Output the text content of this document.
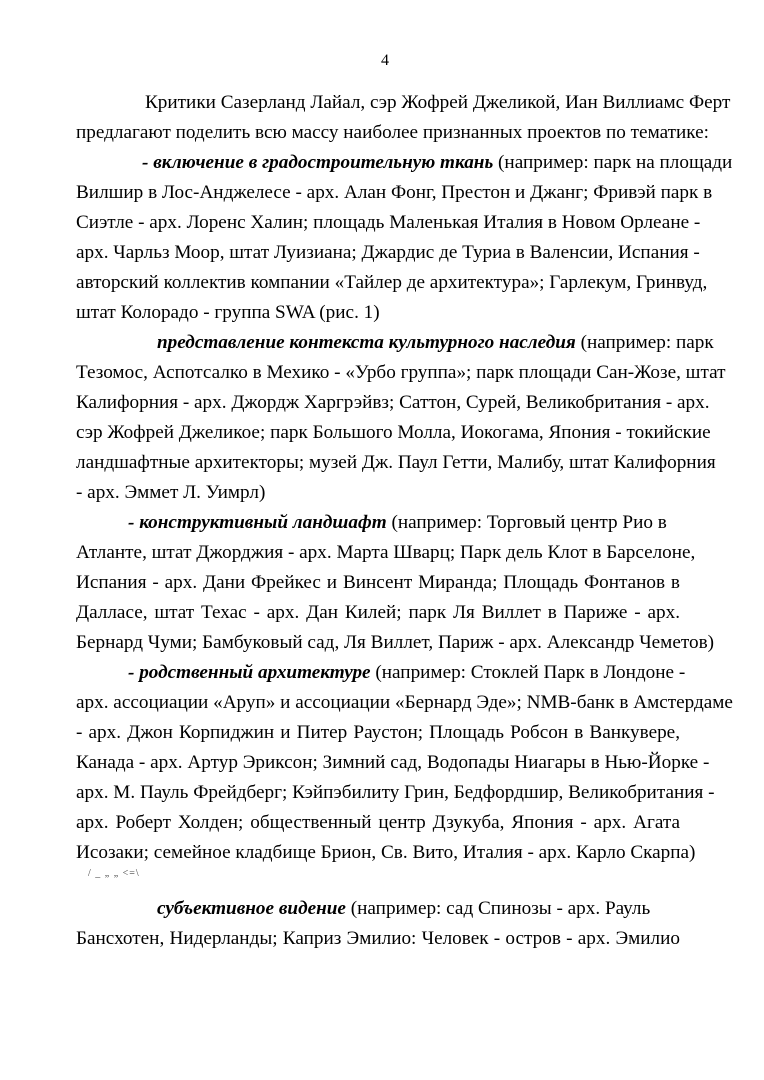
4
Критики Сазерланд Лайал, сэр Жофрей Джеликой, Иан Виллиамс Ферт
предлагают поделить всю массу наиболее признанных проектов по тематике:
- включение в градостроительную ткань (например: парк на площади
Вилшир в Лос-Анджелесе - арх. Алан Фонг, Престон и Джанг; Фривэй парк в
Сиэтле - арх. Лоренс Халин; площадь Маленькая Италия в Новом Орлеане -
арх. Чарльз Моор, штат Луизиана; Джардис де Туриа в Валенсии, Испания -
авторский коллектив компании «Тайлер де архитектура»; Гарлекум, Гринвуд,
штат Колорадо - группа SWA (рис. 1)
представление контекста культурного наследия (например: парк
Тезомос, Аспотсалко в Мехико - «Урбо группа»; парк площади Сан-Жозе, штат
Калифорния - арх. Джордж Харгрэйвз; Саттон, Сурей, Великобритания - арх.
сэр Жофрей Джеликое; парк Большого Молла, Иокогама, Япония - токийские
ландшафтные архитекторы; музей Дж. Паул Гетти, Малибу, штат Калифорния
- арх. Эммет Л. Уимрл)
- конструктивный ландшафт (например: Торговый центр Рио в
Атланте, штат Джорджия - арх. Марта Шварц; Парк дель Клот в Барселоне,
Испания - арх. Дани Фрейкес и Винсент Миранда; Площадь Фонтанов в
Далласе, штат Техас - арх. Дан Килей; парк Ля Виллет в Париже - арх.
Бернард Чуми; Бамбуковый сад, Ля Виллет, Париж - арх. Александр Чеметов)
- родственный архитектуре (например: Стоклей Парк в Лондоне -
арх. ассоциации «Аруп» и ассоциации «Бернард Эде»; NMB-банк в Амстердаме
- арх. Джон Корпиджин и Питер Раустон; Площадь Робсон в Ванкувере,
Канада - арх. Артур Эриксон; Зимний сад, Водопады Ниагары в Нью-Йорке -
арх. М. Пауль Фрейдберг; Кэйпэбилиту Грин, Бедфордшир, Великобритания -
арх. Роберт Холден; общественный центр Дзукуба, Япония - арх. Агата
Исозаки; семейное кладбище Брион, Св. Вито, Италия - арх. Карло Скарпа)
/ _ „ „ <=\
субъективное видение (например: сад Спинозы - арх. Рауль
Бансхотен, Нидерланды; Каприз Эмилио: Человек - остров - арх. Эмилио
